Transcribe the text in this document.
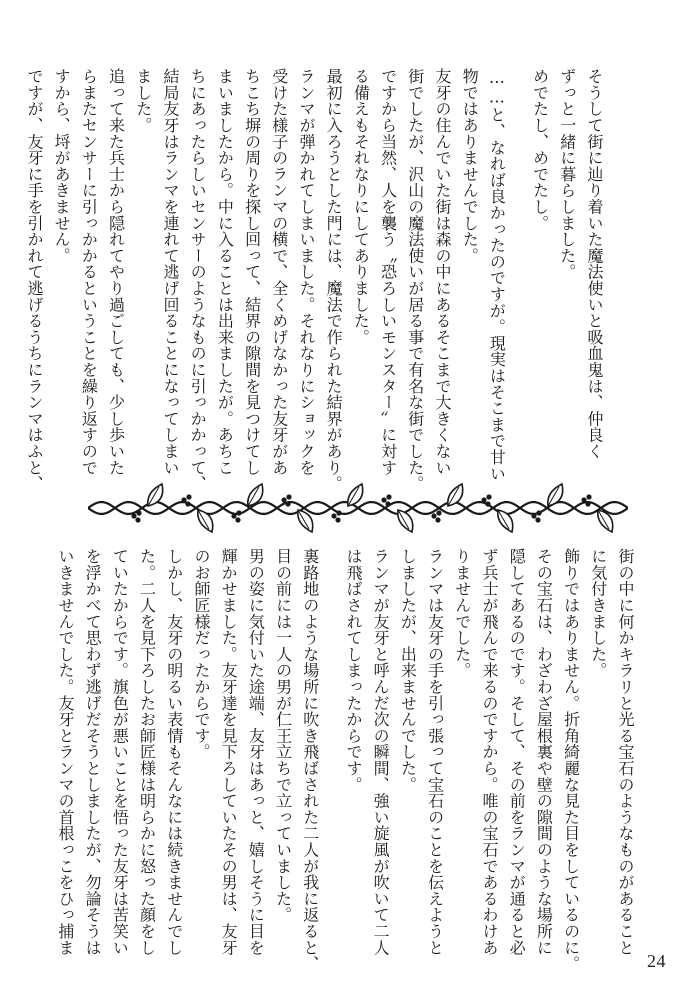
そうして街に辿り着いた魔法使いと吸血鬼は、仲良く
ずっと一緒に暮らしました。
めでたし、めでたし。
……と、なれば良かったのですが。現実はそこまで甘い
物ではありませんでした。
友牙の住んでいた街は森の中にあるそこまで大きくない
街でしたが、沢山の魔法使いが居る事で有名な街でした。
ですから当然、人を襲う〝恐ろしいモンスター〟に対す
る備えもそれなりにしてありました。
最初に入ろうとした門には、魔法で作られた結界があり。
ランマが弾かれてしまいました。それなりにショックを
受けた様子のランマの横で、全くめげなかった友牙があ
ちこち塀の周りを探し回って、結界の隙間を見つけてし
まいましたから。中に入ることは出来ましたが。あちこ
ちにあったらしいセンサーのようなものに引っかかって、
結局友牙はランマを連れて逃げ回ることになってしまい
ました。
追って来た兵士から隠れてやり過ごしても、少し歩いた
らまたセンサーに引っかかるということを繰り返すので
すから、埒があきません。
ですが、友牙に手を引かれて逃げるうちにランマはふと、
街の中に何かキラリと光る宝石のようなものがあること
に気付きました。
飾りではありません。折角綺麗な見た目をしているのに。
その宝石は、わざわざ屋根裏や壁の隙間のような場所に
隠してあるのです。そして、その前をランマが通ると必
ず兵士が飛んで来るのですから。唯の宝石であるわけあ
りませんでした。
ランマは友牙の手を引っ張って宝石のことを伝えようと
しましたが、出来ませんでした。
ランマが友牙と呼んだ次の瞬間、強い旋風が吹いて二人
は飛ばされてしまったからです。
裏路地のような場所に吹き飛ばされた二人が我に返ると、
目の前には一人の男が仁王立ちで立っていました。
男の姿に気付いた途端、友牙はあっと、嬉しそうに目を
輝かせました。友牙達を見下ろしていたその男は、友牙
のお師匠様だったからです。
しかし、友牙の明るい表情もそんなには続きませんでし
た。二人を見下ろしたお師匠様は明らかに怒った顔をし
ていたからです。旗色が悪いことを悟った友牙は苦笑い
を浮かべて思わず逃げだそうとしましたが、勿論そうは
いきませんでした。友牙とランマの首根っこをひっ捕ま
24
